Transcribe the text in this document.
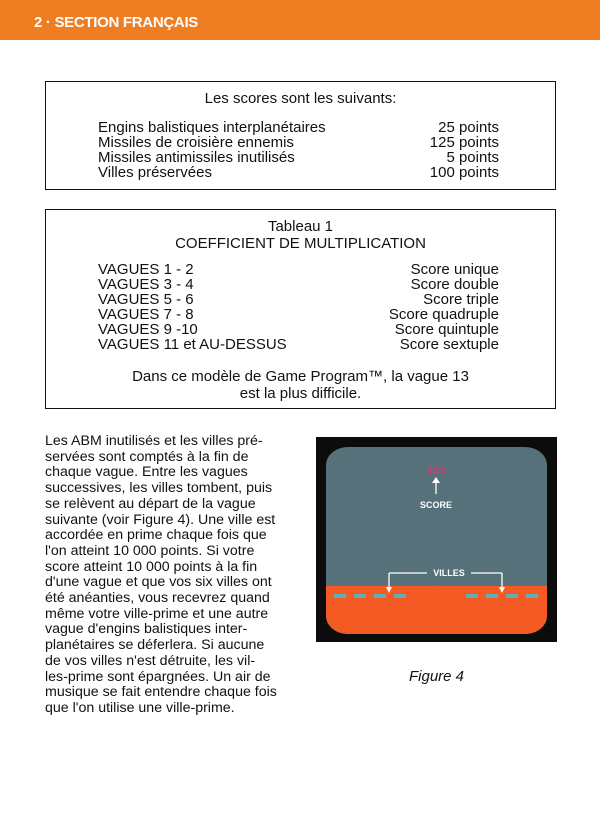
2 · SECTION FRANÇAIS
Les scores sont les suivants:
Engins balistiques interplanétaires	25 points
Missiles de croisière ennemis	125 points
Missiles antimissiles inutilisés	5 points
Villes préservées	100 points
Tableau 1
COEFFICIENT DE MULTIPLICATION
VAGUES 1 - 2	Score unique
VAGUES 3 - 4	Score double
VAGUES 5 - 6	Score triple
VAGUES 7 - 8	Score quadruple
VAGUES 9 -10	Score quintuple
VAGUES 11 et AU-DESSUS	Score sextuple
Dans ce modèle de Game Program™, la vague 13
est la plus difficile.
Les ABM inutilisés et les villes pré-
servées sont comptés à la fin de
chaque vague. Entre les vagues
successives, les villes tombent, puis
se relèvent au départ de la vague
suivante (voir Figure 4). Une ville est
accordée en prime chaque fois que
l'on atteint 10 000 points. Si votre
score atteint 10 000 points à la fin
d'une vague et que vos six villes ont
été anéanties, vous recevrez quand
même votre ville-prime et une autre
vague d'engins balistiques inter-
planétaires se déferlera. Si aucune
de vos villes n'est détruite, les vil-
les-prime sont épargnées. Un air de
musique se fait entendre chaque fois
que l'on utilise une ville-prime.
423
SCORE
VILLES
Figure 4
